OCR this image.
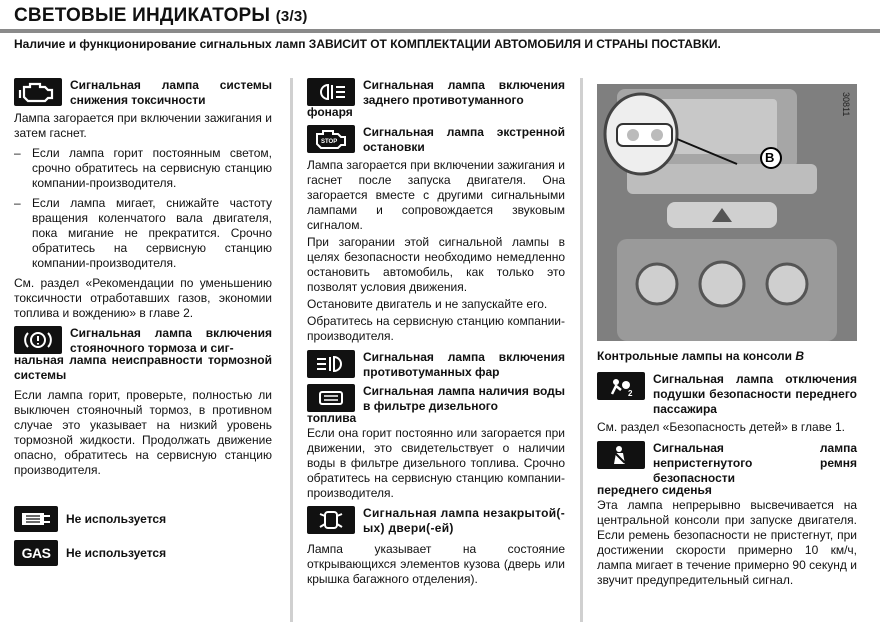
СВЕТОВЫЕ ИНДИКАТОРЫ (3/3)
Наличие и функционирование сигнальных ламп ЗАВИСИТ ОТ КОМПЛЕКТАЦИИ АВТОМОБИЛЯ И СТРАНЫ ПОСТАВКИ.
Сигнальная лампа системы снижения токсичности
Лампа загорается при включении зажигания и затем гаснет.
– Если лампа горит постоянным светом, срочно обратитесь на сервисную станцию компании-производителя.
– Если лампа мигает, снижайте частоту вращения коленчатого вала двигателя, пока мигание не прекратится. Срочно обратитесь на сервисную станцию компании-производителя.
См. раздел «Рекомендации по уменьшению токсичности отработавших газов, экономии топлива и вождению» в главе 2.
Сигнальная лампа включения стояночного тормоза и сиг-
нальная лампа неисправности тормозной системы
Если лампа горит, проверьте, полностью ли выключен стояночный тормоз, в противном случае это указывает на низкий уровень тормозной жидкости. Продолжать движение опасно, обратитесь на сервисную станцию производителя.
Не используется
GAS Не используется
Сигнальная лампа включения заднего противотуманного
фонаря
STOP
Сигнальная лампа экстренной остановки
Лампа загорается при включении зажигания и гаснет после запуска двигателя. Она загорается вместе с другими сигнальными лампами и сопровождается звуковым сигналом.
При загорании этой сигнальной лампы в целях безопасности необходимо немедленно остановить автомобиль, как только это позволят условия движения.
Остановите двигатель и не запускайте его.
Обратитесь на сервисную станцию компании-производителя.
Сигнальная лампа включения противотуманных фар
Сигнальная лампа наличия воды в фильтре дизельного
топлива
Если она горит постоянно или загорается при движении, это свидетельствует о наличии воды в фильтре дизельного топлива. Срочно обратитесь на сервисную станцию компании-производителя.
Сигнальная лампа незакрытой(-ых) двери(-ей)
Лампа указывает на состояние открывающихся элементов кузова (дверь или крышка багажного отделения).
30811
B
Контрольные лампы на консоли B
2
Сигнальная лампа отключения подушки безопасности переднего пассажира
См. раздел «Безопасность детей» в главе 1.
Сигнальная лампа непристегнутого ремня безопасности
переднего сиденья
Эта лампа непрерывно высвечивается на центральной консоли при запуске двигателя. Если ремень безопасности не пристегнут, при достижении скорости примерно 10 км/ч, лампа мигает в течение примерно 90 секунд и звучит предупредительный сигнал.
